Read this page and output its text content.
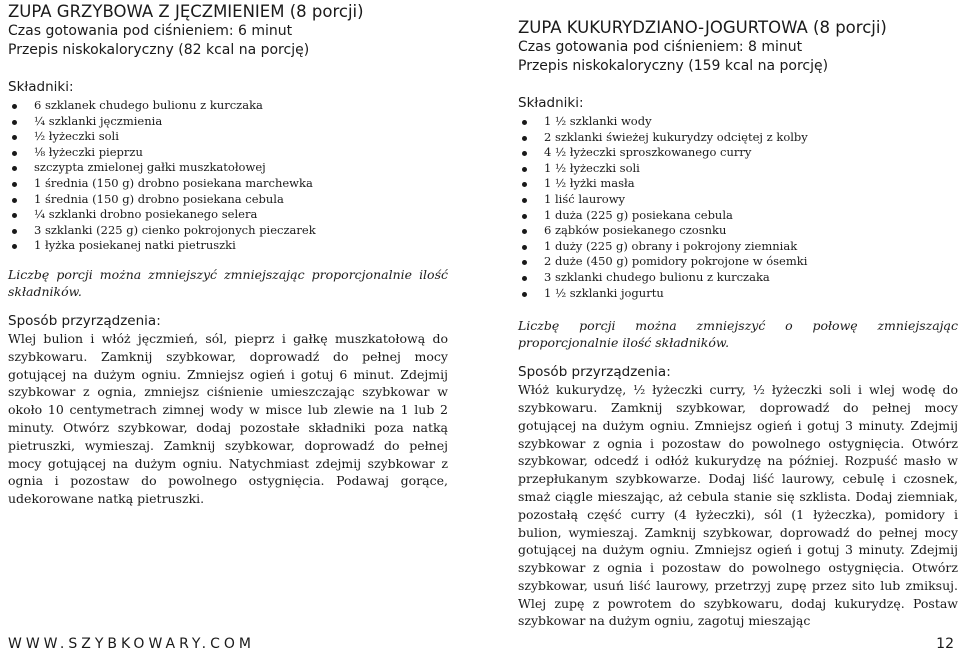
ZUPA GRZYBOWA Z JĘCZMIENIEM (8 porcji)

Czas gotowania pod ciśnieniem: 6 minut

Przepis niskokaloryczny (82 kcal na porcję)

Składniki:

6 szklanek chudego bulionu z kurczaka
¼ szklanki jęczmienia
½ łyżeczki soli
⅛ łyżeczki pieprzu
szczypta zmielonej gałki muszkatołowej
1 średnia (150 g) drobno posiekana marchewka
1 średnia (150 g) drobno posiekana cebula
¼ szklanki drobno posiekanego selera
3 szklanki (225 g) cienko pokrojonych pieczarek
1 łyżka posiekanej natki pietruszki

Liczbę porcji można zmniejszyć zmniejszając proporcjonalnie ilość składników.

Sposób przyrządzenia:

Wlej bulion i włóż jęczmień, sól, pieprz i gałkę muszkatołową do szybkowaru. Zamknij szybkowar, doprowadź do pełnej mocy gotującej na dużym ogniu. Zmniejsz ogień i gotuj 6 minut. Zdejmij szybkowar z ognia, zmniejsz ciśnienie umieszczając szybkowar w około 10 centymetrach zimnej wody w misce lub zlewie na 1 lub 2 minuty. Otwórz szybkowar, dodaj pozostałe składniki poza natką pietruszki, wymieszaj. Zamknij szybkowar, doprowadź do pełnej mocy gotującej na dużym ogniu. Natychmiast zdejmij szybkowar z ognia i pozostaw do powolnego ostygnięcia. Podawaj gorące, udekorowane natką pietruszki.

ZUPA KUKURYDZIANO-JOGURTOWA (8 porcji)

Czas gotowania pod ciśnieniem: 8 minut

Przepis niskokaloryczny (159 kcal na porcję)

Składniki:

1 ½ szklanki wody
2 szklanki świeżej kukurydzy odciętej z kolby
4 ½ łyżeczki sproszkowanego curry
1 ½ łyżeczki soli
1 ½ łyżki masła
1 liść laurowy
1 duża (225 g) posiekana cebula
6 ząbków posiekanego czosnku
1 duży (225 g) obrany i pokrojony ziemniak
2 duże (450 g) pomidory pokrojone w ósemki
3 szklanki chudego bulionu z kurczaka
1 ½ szklanki jogurtu

Liczbę porcji można zmniejszyć o połowę zmniejszając proporcjonalnie ilość składników.

Sposób przyrządzenia:

Włóż kukurydzę, ½ łyżeczki curry, ½ łyżeczki soli i wlej wodę do szybkowaru. Zamknij szybkowar, doprowadź do pełnej mocy gotującej na dużym ogniu. Zmniejsz ogień i gotuj 3 minuty. Zdejmij szybkowar z ognia i pozostaw do powolnego ostygnięcia. Otwórz szybkowar, odcedź i odłóż kukurydzę na później. Rozpuść masło w przepłukanym szybkowarze. Dodaj liść laurowy, cebulę i czosnek, smaż ciągle mieszając, aż cebula stanie się szklista. Dodaj ziemniak, pozostałą część curry (4 łyżeczki), sól (1 łyżeczka), pomidory i bulion, wymieszaj. Zamknij szybkowar, doprowadź do pełnej mocy gotującej na dużym ogniu. Zmniejsz ogień i gotuj 3 minuty. Zdejmij szybkowar z ognia i pozostaw do powolnego ostygnięcia. Otwórz szybkowar, usuń liść laurowy, przetrzyj zupę przez sito lub zmiksuj. Wlej zupę z powrotem do szybkowaru, dodaj kukurydzę. Postaw szybkowar na dużym ogniu, zagotuj mieszając

WWW.SZYBKOWARY.COM	12
